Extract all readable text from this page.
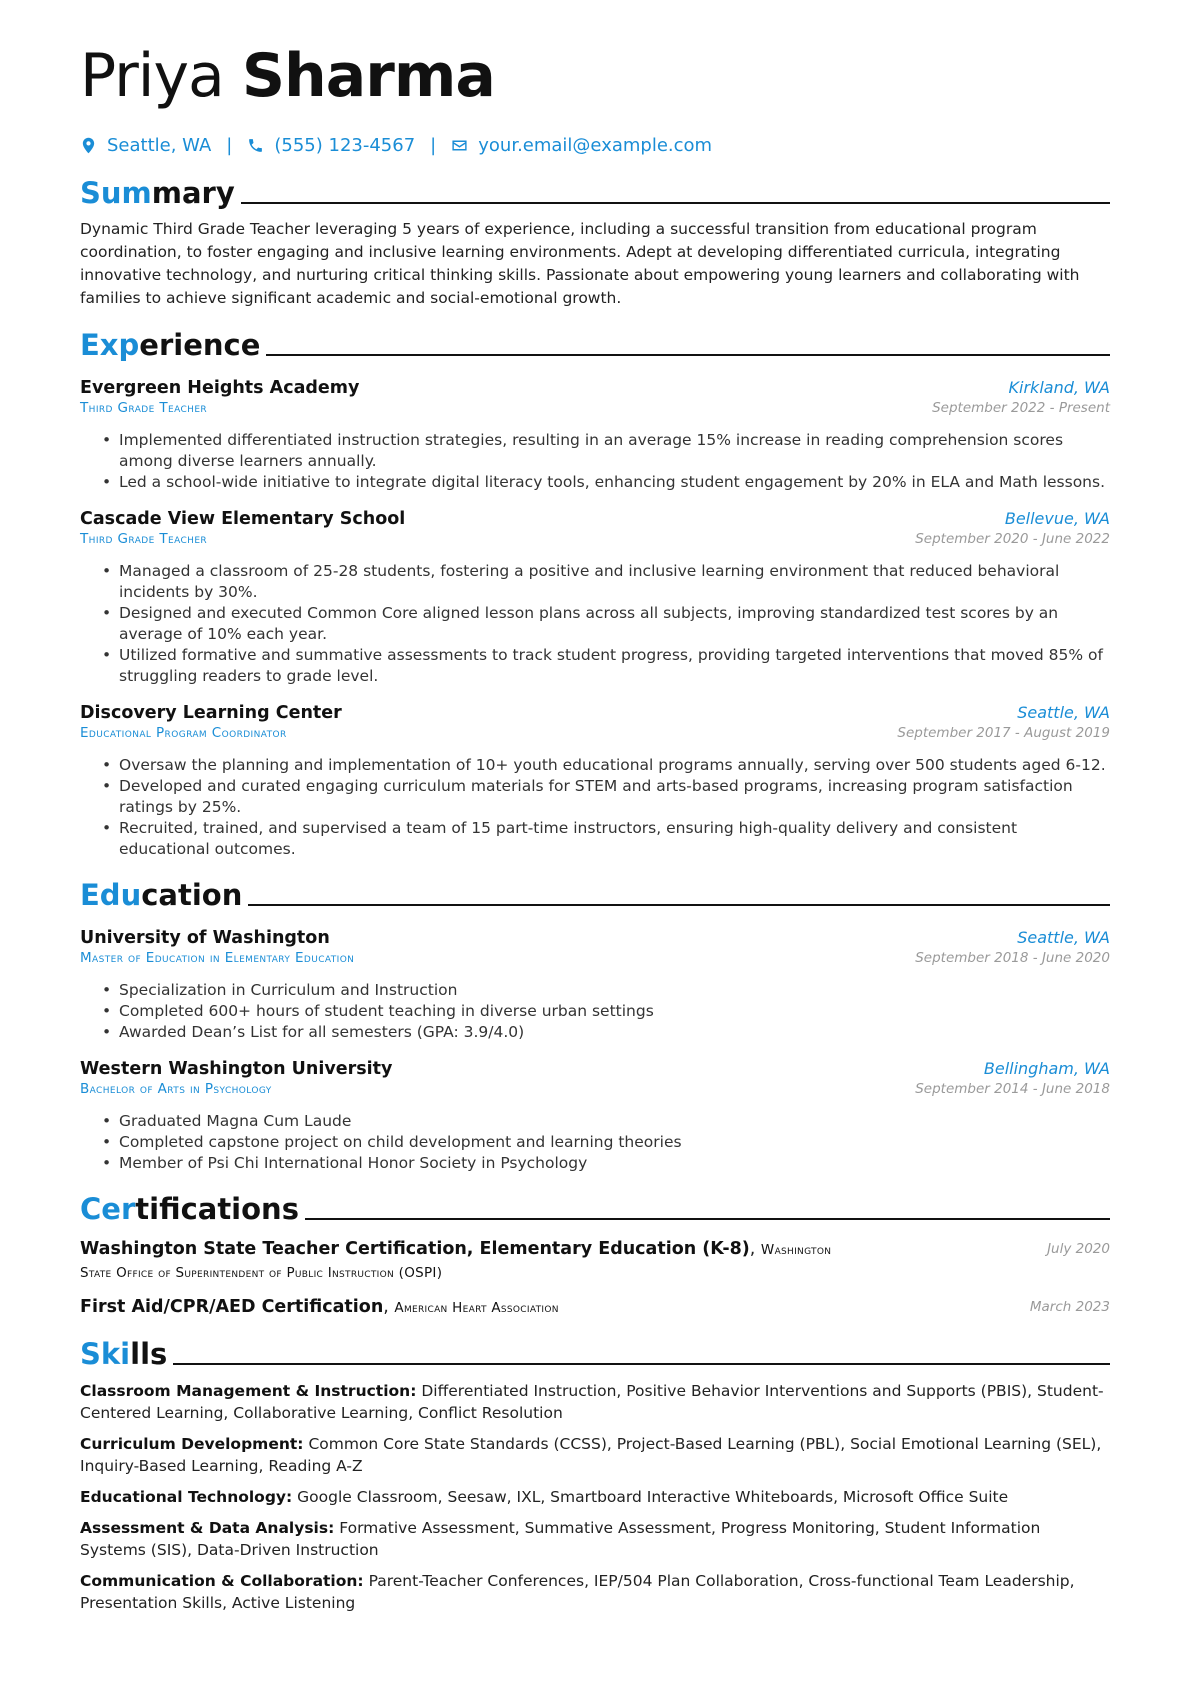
Priya Sharma
Seattle, WA | (555) 123-4567 | your.email@example.com
Summary
Dynamic Third Grade Teacher leveraging 5 years of experience, including a successful transition from educational program coordination, to foster engaging and inclusive learning environments. Adept at developing differentiated curricula, integrating innovative technology, and nurturing critical thinking skills. Passionate about empowering young learners and collaborating with families to achieve significant academic and social-emotional growth.
Experience
Evergreen Heights Academy	Kirkland, WA
Third Grade Teacher	September 2022 - Present
• Implemented differentiated instruction strategies, resulting in an average 15% increase in reading comprehension scores among diverse learners annually.
• Led a school-wide initiative to integrate digital literacy tools, enhancing student engagement by 20% in ELA and Math lessons.
Cascade View Elementary School	Bellevue, WA
Third Grade Teacher	September 2020 - June 2022
• Managed a classroom of 25-28 students, fostering a positive and inclusive learning environment that reduced behavioral incidents by 30%.
• Designed and executed Common Core aligned lesson plans across all subjects, improving standardized test scores by an average of 10% each year.
• Utilized formative and summative assessments to track student progress, providing targeted interventions that moved 85% of struggling readers to grade level.
Discovery Learning Center	Seattle, WA
Educational Program Coordinator	September 2017 - August 2019
• Oversaw the planning and implementation of 10+ youth educational programs annually, serving over 500 students aged 6-12.
• Developed and curated engaging curriculum materials for STEM and arts-based programs, increasing program satisfaction ratings by 25%.
• Recruited, trained, and supervised a team of 15 part-time instructors, ensuring high-quality delivery and consistent educational outcomes.
Education
University of Washington	Seattle, WA
Master of Education in Elementary Education	September 2018 - June 2020
• Specialization in Curriculum and Instruction
• Completed 600+ hours of student teaching in diverse urban settings
• Awarded Dean’s List for all semesters (GPA: 3.9/4.0)
Western Washington University	Bellingham, WA
Bachelor of Arts in Psychology	September 2014 - June 2018
• Graduated Magna Cum Laude
• Completed capstone project on child development and learning theories
• Member of Psi Chi International Honor Society in Psychology
Certifications
Washington State Teacher Certification, Elementary Education (K-8), Washington State Office of Superintendent of Public Instruction (OSPI)
July 2020
First Aid/CPR/AED Certification, American Heart Association	March 2023
Skills
Classroom Management & Instruction: Differentiated Instruction, Positive Behavior Interventions and Supports (PBIS), Student-Centered Learning, Collaborative Learning, Conflict Resolution
Curriculum Development: Common Core State Standards (CCSS), Project-Based Learning (PBL), Social Emotional Learning (SEL), Inquiry-Based Learning, Reading A-Z
Educational Technology: Google Classroom, Seesaw, IXL, Smartboard Interactive Whiteboards, Microsoft Office Suite
Assessment & Data Analysis: Formative Assessment, Summative Assessment, Progress Monitoring, Student Information Systems (SIS), Data-Driven Instruction
Communication & Collaboration: Parent-Teacher Conferences, IEP/504 Plan Collaboration, Cross-functional Team Leadership, Presentation Skills, Active Listening
